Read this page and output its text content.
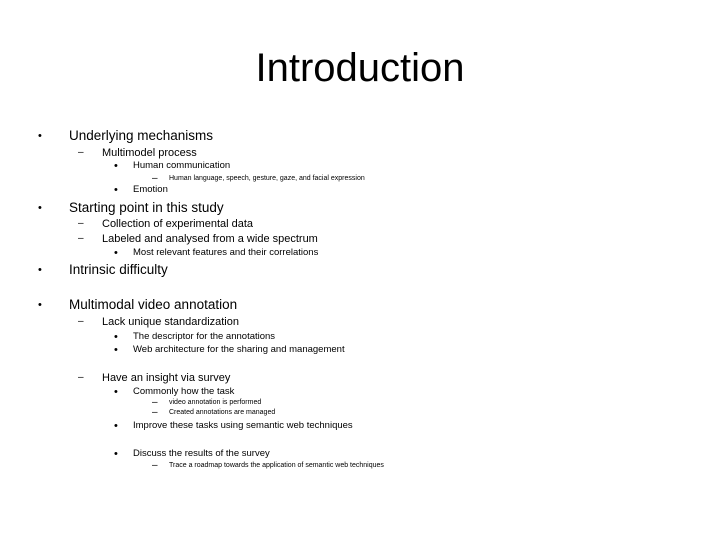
Introduction
• Underlying mechanisms
– Multimodel process
• Human communication
– Human language, speech, gesture, gaze, and facial expression
• Emotion
• Starting point in this study
– Collection of experimental data
– Labeled and analysed from a wide spectrum
• Most relevant features and their correlations
• Intrinsic difficulty
• Multimodal video annotation
– Lack unique standardization
• The descriptor for the annotations
• Web architecture for the sharing and management
– Have an insight via survey
• Commonly how the task
– video annotation is performed
– Created annotations are managed
• Improve these tasks using semantic web techniques
• Discuss the results of the survey
– Trace a roadmap towards the application of semantic web techniques
